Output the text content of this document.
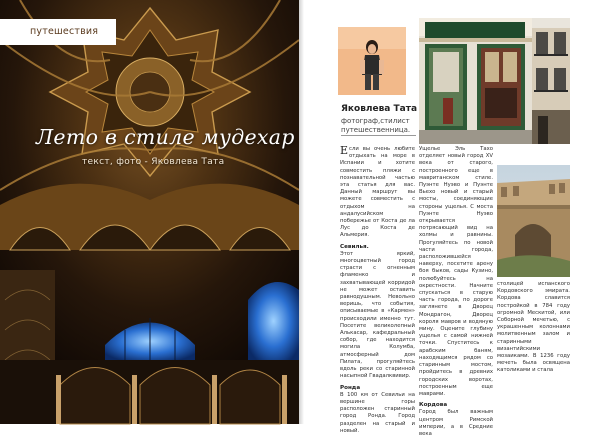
путешествия
Лето в стиле мудехар
текст, фото - Яковлева Тата
Яковлева Тата
фотограф,стилист путешественница.

Если вы очень любите отдыхать на море в Испании и хотите совместить пляжи с познавательной частью эта статья для вас. Данный маршрут вы можете совместить с отдыхом на андалусийском побережье от Коста де ла Лус до Коста де Альмерия.

Севилья.

Этот яркий, многоцветный город страсти с огненным фламенко и захватывающей корридой не может оставить равнодушным. Невольно веришь, что события, описываемые в «Кармен» происходили именно тут. Посетите великолепный Алькасар, кафедральный собор, где находится могила Колумба, атмосферный дом Пилата, прогуляйтесь вдоль реки со старинной насыпной Гвадалквивир.

Ронда

В 100 км от Севильи на вершине горы расположен старинный город Ронда. Город разделен на старый и новый.

Ущелье Эль Тахо отделяет новый город XV века от старого, построенного еще в мавританском стиле. Пуэнте Нуэво и Пуэнте Вьехо новый и старый мосты, соединяющие стороны ущелья. С моста Пуэнте Нуэво открывается потрясающий вид на холмы и равнины. Прогуляйтесь по новой части города, расположившейся наверху, посетите арену боя быков, сады Кузино, полюбуйтесь на окрестности. Начните спускаться в старую часть города, по дороге заглянете в Дворец Мондрагон, Дворец короля мавров и водяную мину. Оцените глубину ущелья с самой нижней точки. Спуститесь к арабским баням, находящимся рядом со старинным мостом, пройдитесь в древних городских воротах, построенным еще маврами.

Кордова

Город был важным центром Римской империи, а в Средние века

столицей испанского Кордовского эмирата. Кордова славится постройкой в 784 году огромной Мескитой, или Соборной мечетью, с украшенным колоннами молитвенным залом и старинными византийскими мозаиками. В 1236 году мечеть была освящена католиками и стала
